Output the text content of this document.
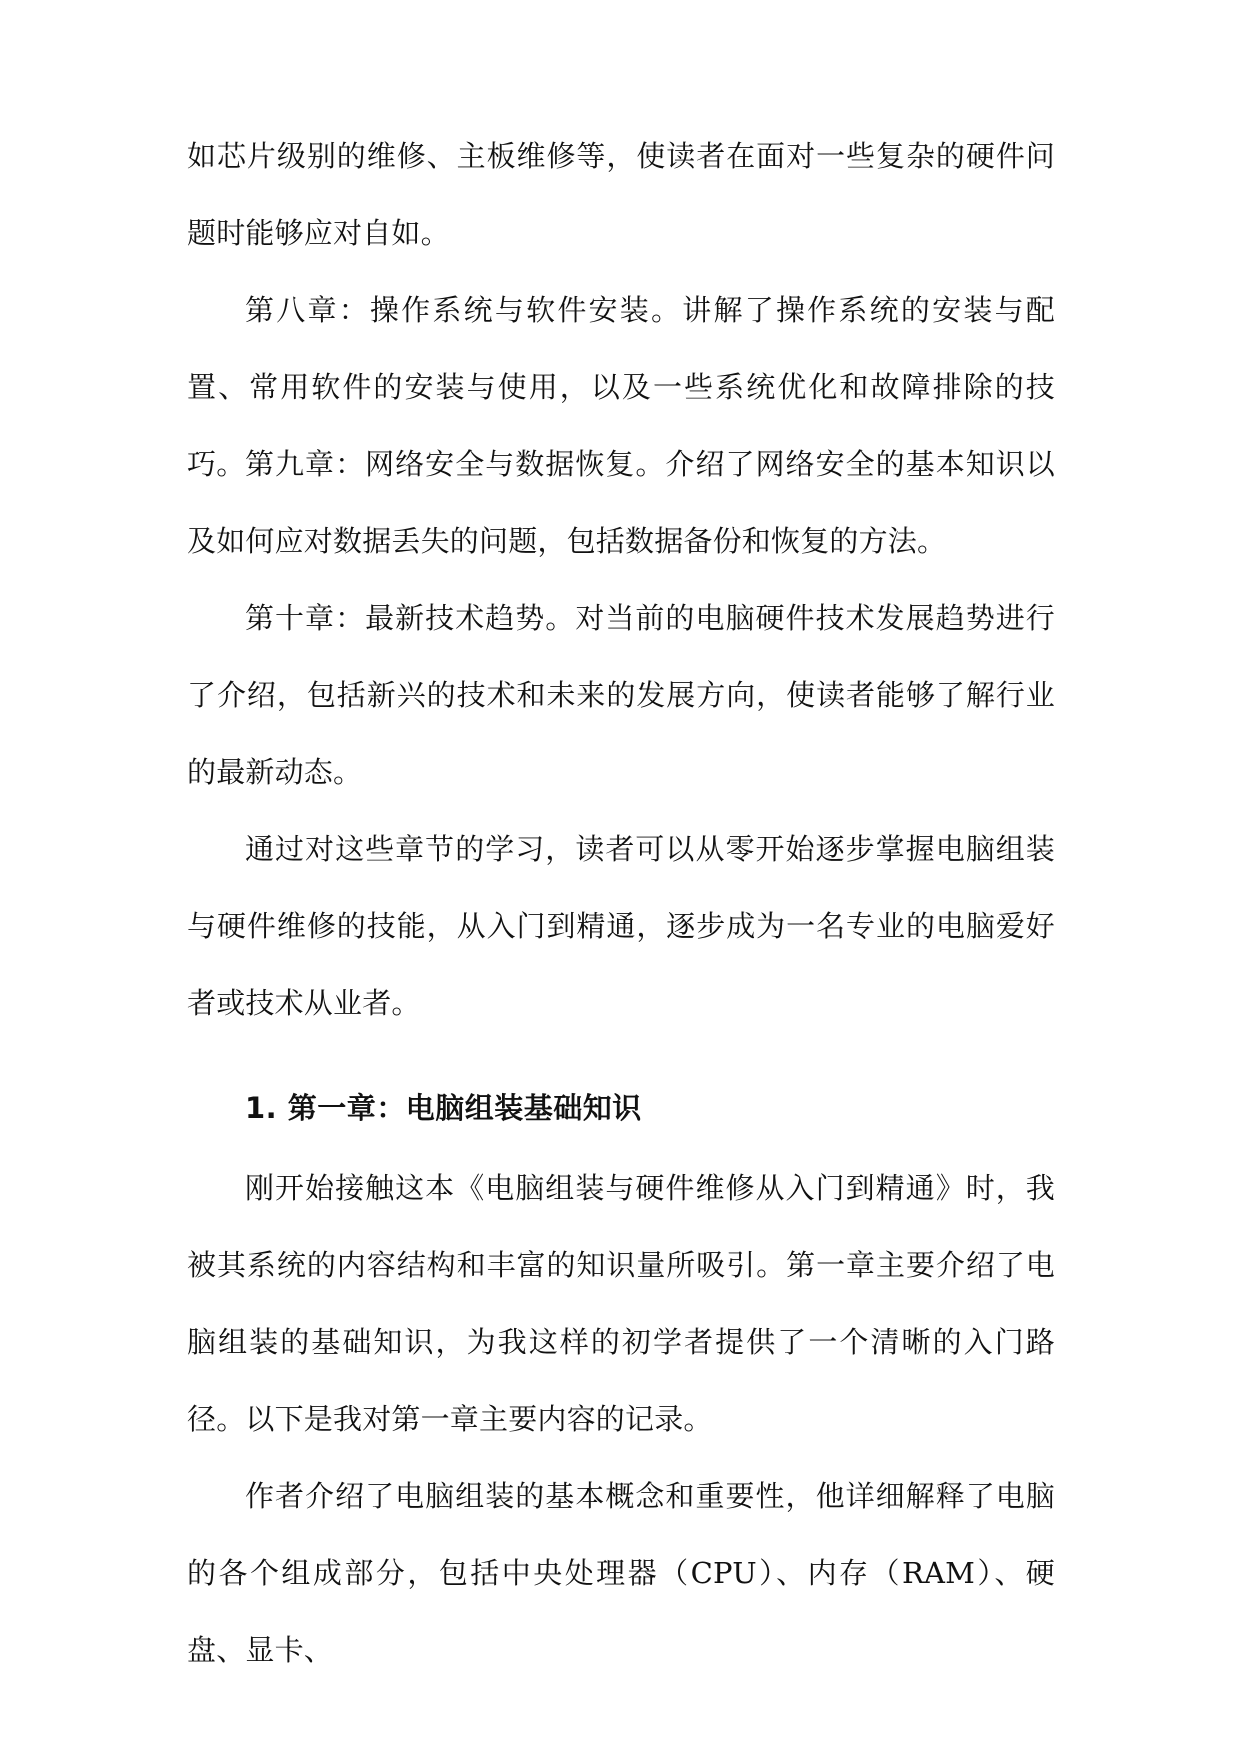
如芯片级别的维修、主板维修等，使读者在面对一些复杂的硬件问题时能够应对自如。

第八章：操作系统与软件安装。讲解了操作系统的安装与配置、常用软件的安装与使用，以及一些系统优化和故障排除的技巧。 第九章：网络安全与数据恢复。介绍了网络安全的基本知识以及如何应对数据丢失的问题，包括数据备份和恢复的方法。

第十章：最新技术趋势。对当前的电脑硬件技术发展趋势进行了介绍，包括新兴的技术和未来的发展方向，使读者能够了解行业的最新动态。

通过对这些章节的学习，读者可以从零开始逐步掌握电脑组装与硬件维修的技能，从入门到精通，逐步成为一名专业的电脑爱好者或技术从业者。

1. 第一章：电脑组装基础知识

刚开始接触这本《电脑组装与硬件维修从入门到精通》时，我被其系统的内容结构和丰富的知识量所吸引。第一章主要介绍了电脑组装的基础知识，为我这样的初学者提供了一个清晰的入门路径。以下是我对第一章主要内容的记录。

作者介绍了电脑组装的基本概念和重要性，他详细解释了电脑的各个组成部分，包括中央处理器（CPU）、内存（RAM）、硬盘、显卡、
